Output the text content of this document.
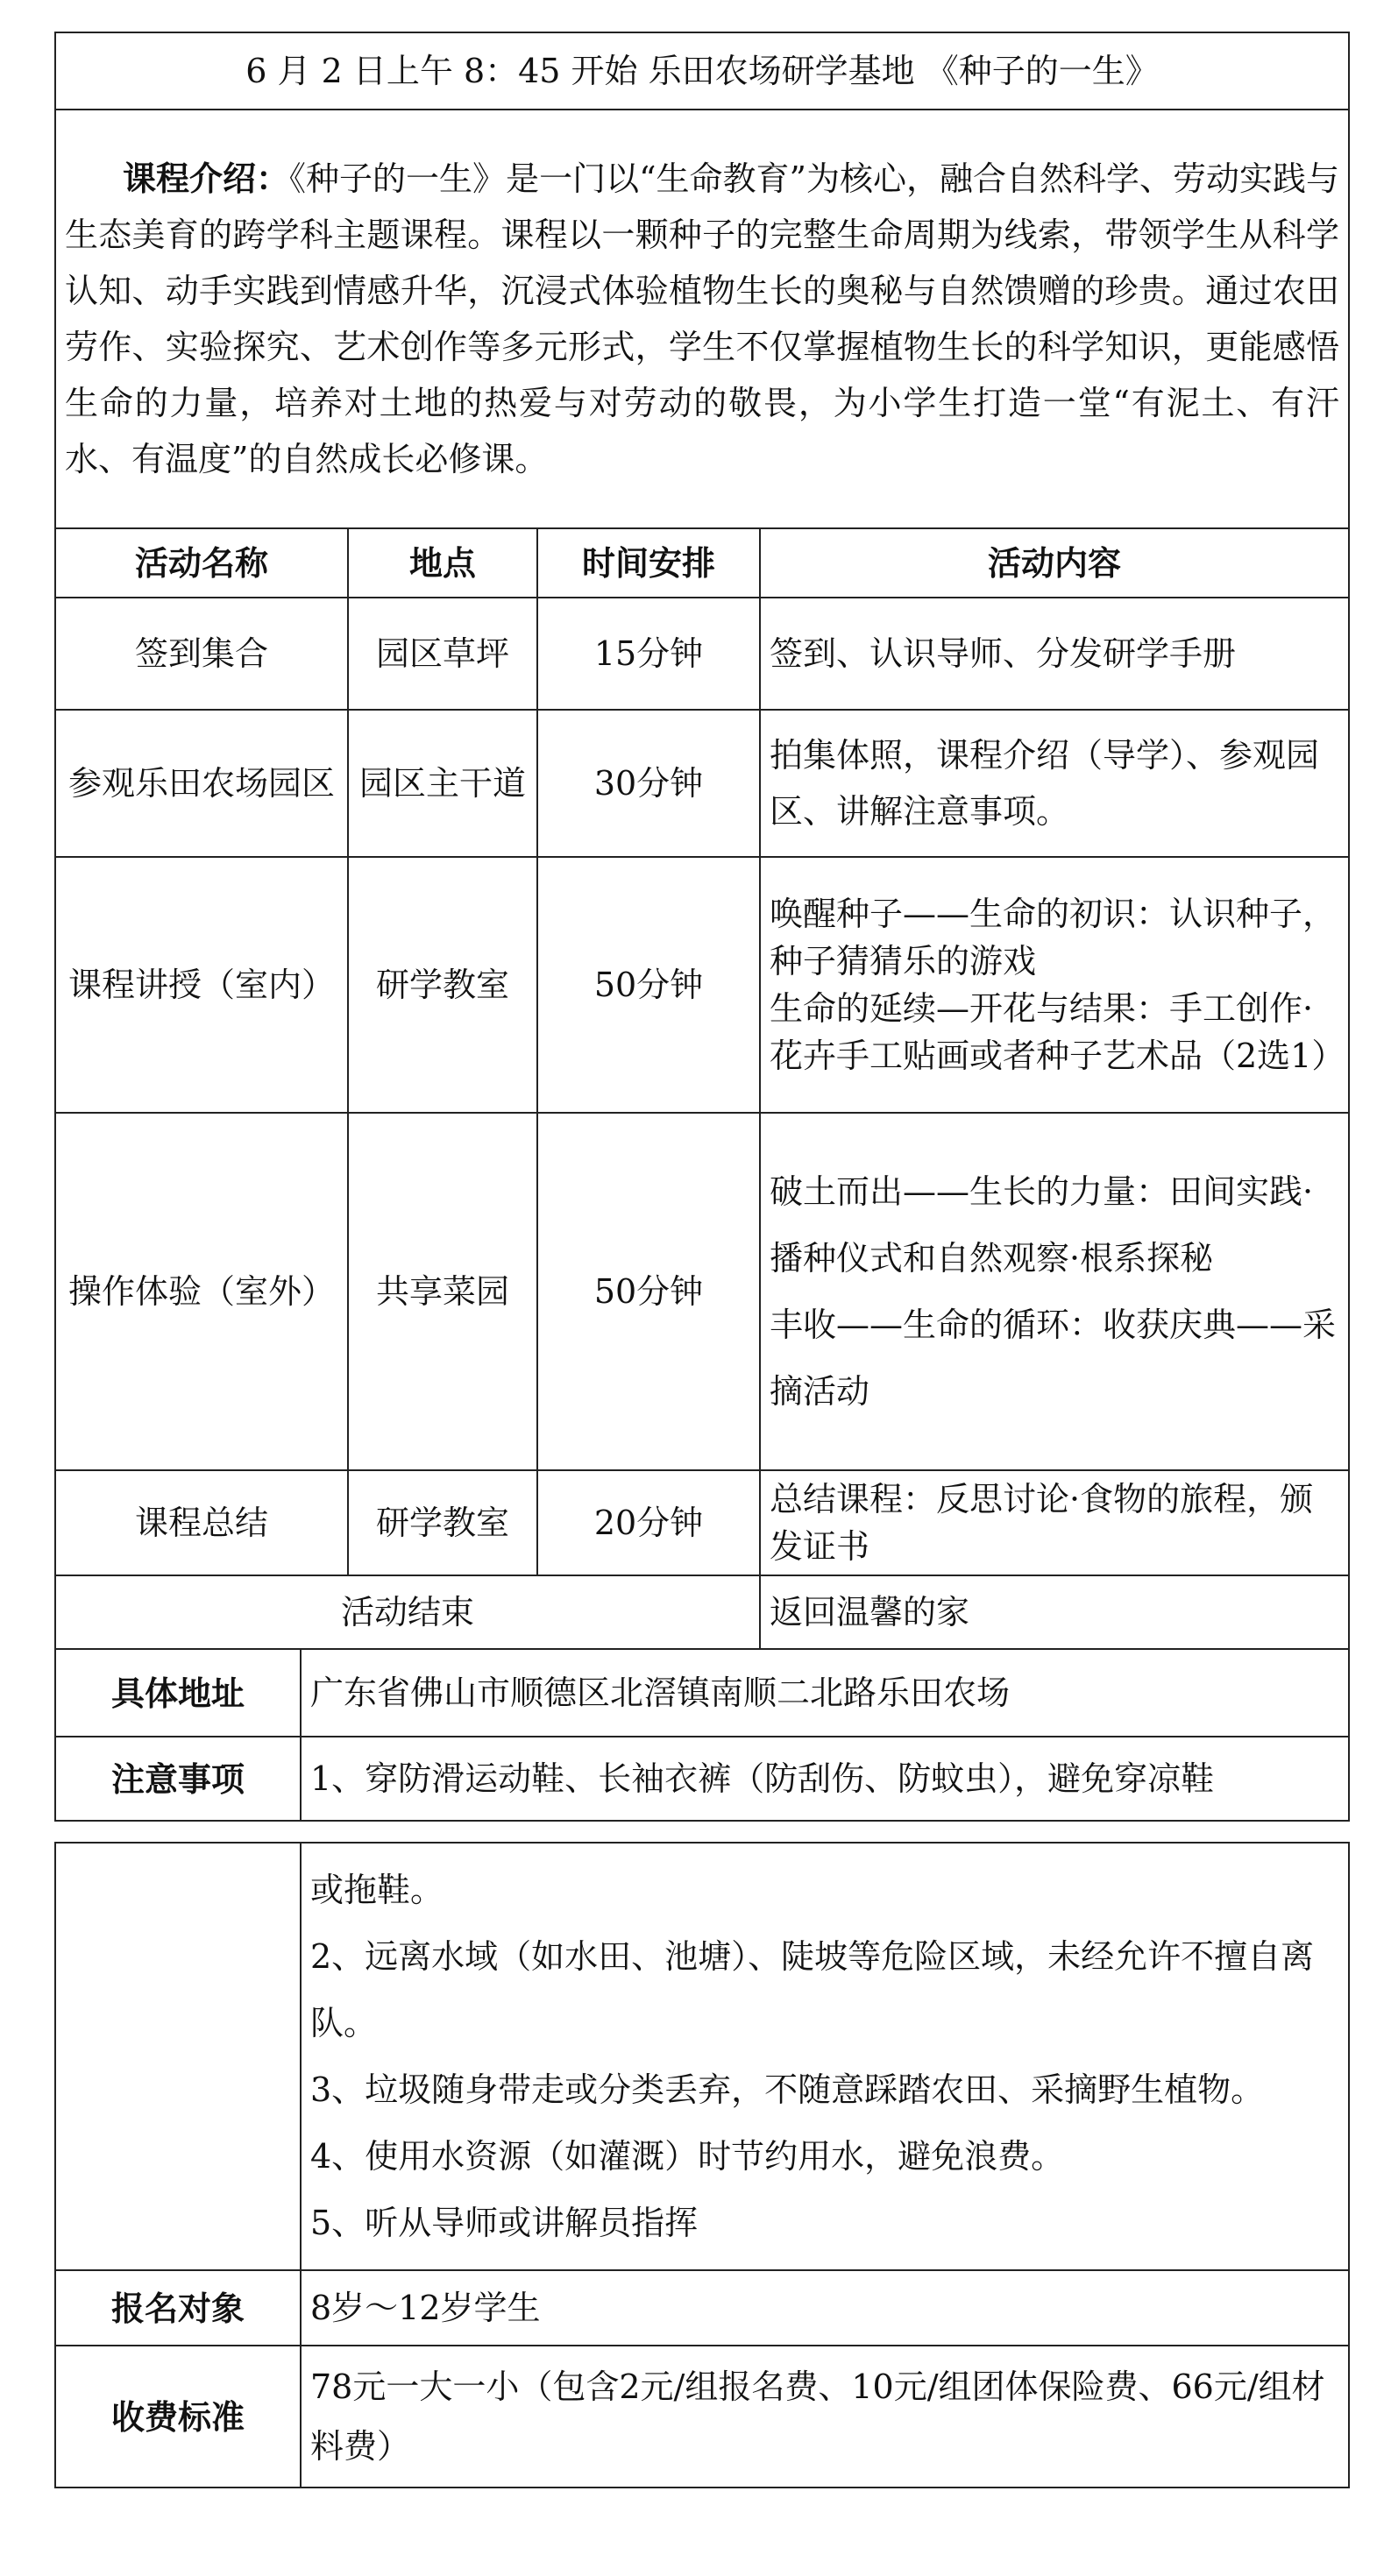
6 月 2 日上午 8：45 开始 乐田农场研学基地 《种子的一生》				
课程介绍：《种子的一生》是一门以“生命教育”为核心，融合自然科学、劳动实践与生态美育的跨学科主题课程。课程以一颗种子的完整生命周期为线索，带领学生从科学认知、动手实践到情感升华，沉浸式体验植物生长的奥秘与自然馈赠的珍贵。通过农田劳作、实验探究、艺术创作等多元形式，学生不仅掌握植物生长的科学知识，更能感悟生命的力量，培养对土地的热爱与对劳动的敬畏，为小学生打造一堂“有泥土、有汗水、有温度”的自然成长必修课。				
活动名称		地点	时间安排	活动内容
签到集合		园区草坪	15分钟	签到、认识导师、分发研学手册
参观乐田农场园区		园区主干道	30分钟	拍集体照，课程介绍（导学）、参观园区、讲解注意事项。
课程讲授（室内）		研学教室	50分钟	唤醒种子——生命的初识：认识种子，种子猜猜乐的游戏
生命的延续—开花与结果：手工创作·花卉手工贴画或者种子艺术品（2选1）

操作体验（室外）		共享菜园	50分钟	破土而出——生长的力量：田间实践·播种仪式和自然观察·根系探秘
丰收——生命的循环：收获庆典——采摘活动

课程总结		研学教室	20分钟	总结课程：反思讨论·食物的旅程，颁发证书
活动结束				返回温馨的家
具体地址	广东省佛山市顺德区北滘镇南顺二北路乐田农场			
注意事项	1、穿防滑运动鞋、长袖衣裤（防刮伤、防蚊虫），避免穿凉鞋			

	或拖鞋。
2、远离水域（如水田、池塘）、陡坡等危险区域，未经允许不擅自离队。
3、垃圾随身带走或分类丢弃，不随意踩踏农田、采摘野生植物。
4、使用水资源（如灌溉）时节约用水，避免浪费。
5、听从导师或讲解员指挥

报名对象	8岁～12岁学生
收费标准	78元一大一小（包含2元/组报名费、10元/组团体保险费、66元/组材料费）
